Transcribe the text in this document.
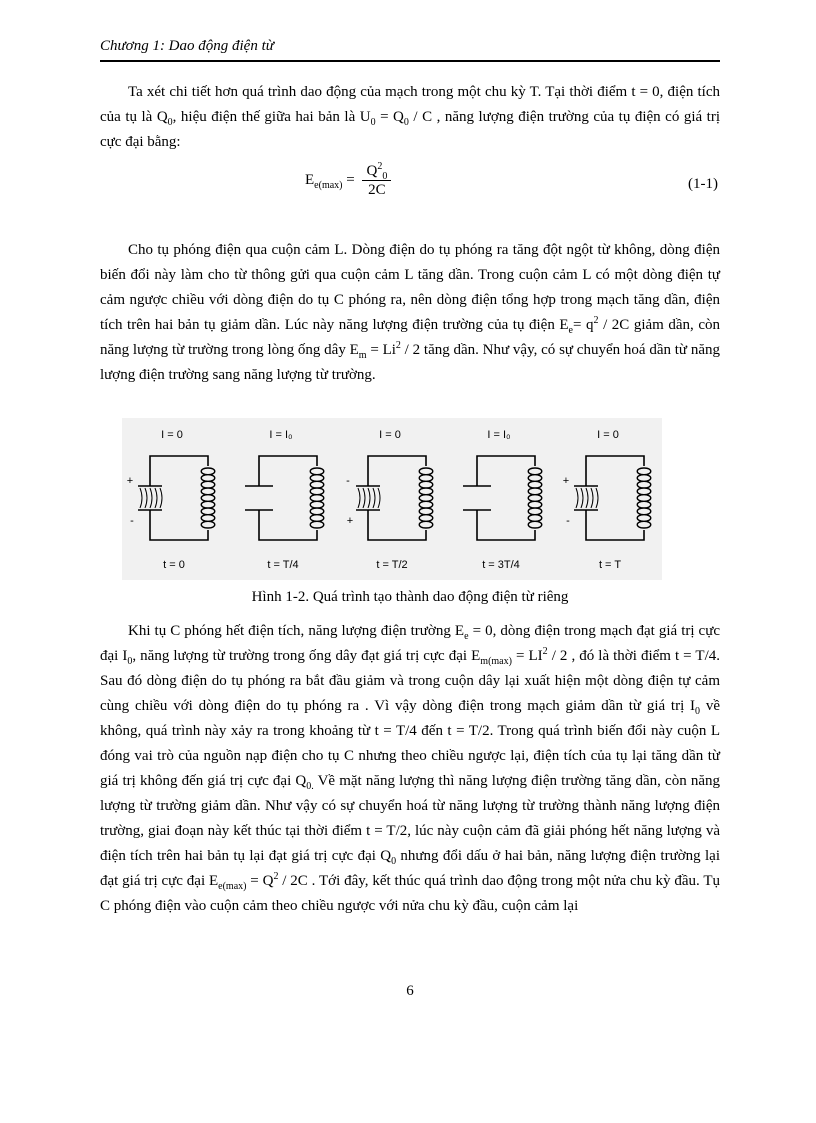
Chương 1: Dao động điện từ
Ta xét chi tiết hơn quá trình dao động của mạch trong một chu kỳ T. Tại thời điểm t = 0, điện tích của tụ là $Q_0$, hiệu điện thế giữa hai bản là $U_0 = Q_0 / C$ , năng lượng điện trường của tụ điện có giá trị cực đại bằng:
$E_{e(max)} = \frac{Q^2_0}{2C}$	(1-1)
Cho tụ phóng điện qua cuộn cảm L. Dòng điện do tụ phóng ra tăng đột ngột từ không, dòng điện biến đổi này làm cho từ thông gửi qua cuộn cảm L tăng dần. Trong cuộn cảm L có một dòng điện tự cảm ngược chiều với dòng điện do tụ C phóng ra, nên dòng điện tổng hợp trong mạch tăng dần, điện tích trên hai bản tụ giảm dần. Lúc này năng lượng điện trường của tụ điện $E_e= q^2 / 2C$ giảm dần, còn năng lượng từ trường trong lòng ống dây $E_m = Li^2 / 2$ tăng dần. Như vậy, có sự chuyển hoá dần từ năng lượng điện trường sang năng lượng từ trường.
I = 0
+
-
t = 0
I = I₀
t = T/4
I = 0
-
+
t = T/2
I = I₀
t = 3T/4
I = 0
+
-
t = T
Hình 1-2. Quá trình tạo thành dao động điện từ riêng
Khi tụ C phóng hết điện tích, năng lượng điện trường $E_e = 0$, dòng điện trong mạch đạt giá trị cực đại $I_0$, năng lượng từ trường trong ống dây đạt giá trị cực đại $E_{m(max)} = LI^2 / 2$ , đó là thời điểm t = T/4. Sau đó dòng điện do tụ phóng ra bắt đầu giảm và trong cuộn dây lại xuất hiện một dòng điện tự cảm cùng chiều với dòng điện do tụ phóng ra . Vì vậy dòng điện trong mạch giảm dần từ giá trị $I_0$ về không, quá trình này xảy ra trong khoảng từ t = T/4 đến t = T/2. Trong quá trình biến đổi này cuộn L đóng vai trò của nguồn nạp điện cho tụ C nhưng theo chiều ngược lại, điện tích của tụ lại tăng dần từ giá trị không đến giá trị cực đại $Q_{0.}$ Về mặt năng lượng thì năng lượng điện trường tăng dần, còn năng lượng từ trường giảm dần. Như vậy có sự chuyển hoá từ năng lượng từ trường thành năng lượng điện trường, giai đoạn này kết thúc tại thời điểm t = T/2, lúc này cuộn cảm đã giải phóng hết năng lượng và điện tích trên hai bản tụ lại đạt giá trị cực đại $Q_0$ nhưng đổi dấu ở hai bản, năng lượng điện trường lại đạt giá trị cực đại $E_{e(max)} = Q^2 / 2C$ . Tới đây, kết thúc quá trình dao động trong một nửa chu kỳ đầu. Tụ C phóng điện vào cuộn cảm theo chiều ngược với nửa chu kỳ đầu, cuộn cảm lại
6
